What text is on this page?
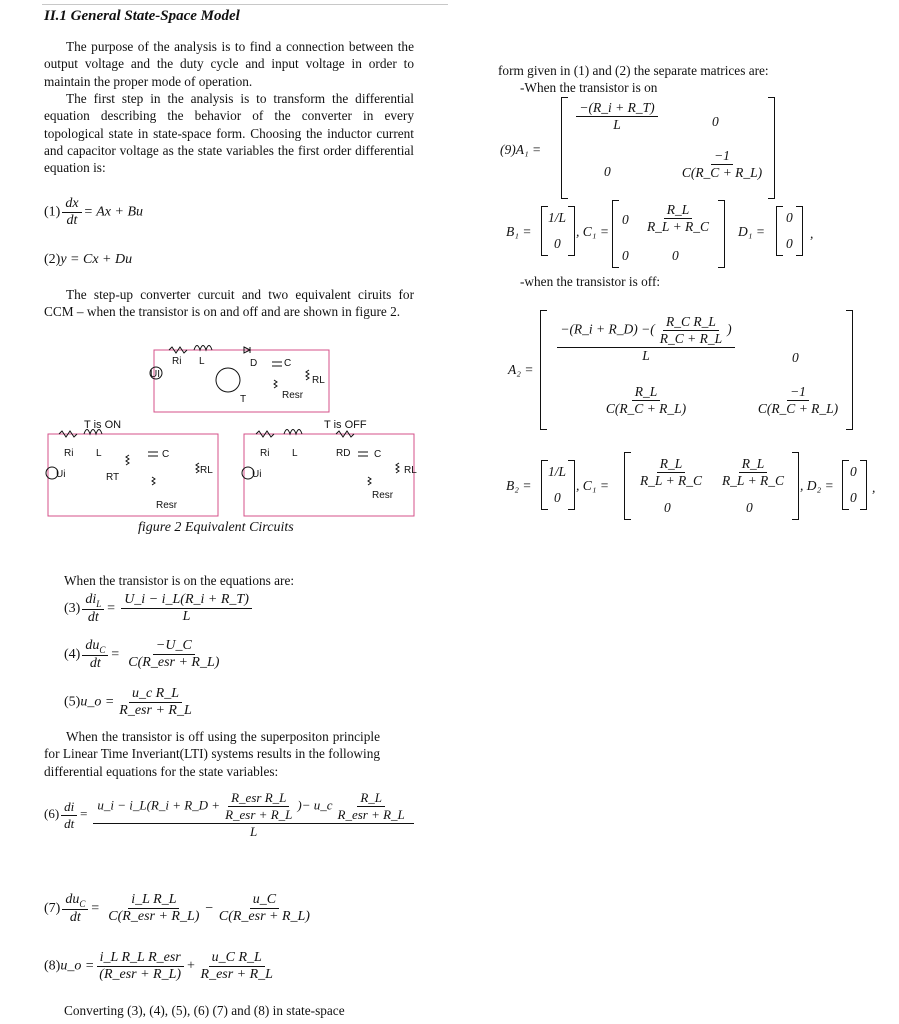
II.1 General State-Space Model
The purpose of the analysis is to find a connection between the output voltage and the duty cycle and input voltage in order to maintain the proper mode of operation.
The first step in the analysis is to transform the differential equation describing the behavior of the converter in every topological state in state-space form. Choosing the inductor current and capacitor voltage as the state variables the first order differential equation is:
$(1) \frac{dx}{dt} = Ax + Bu$
(2)y = Cx + Du
The step-up converter curcuit and two equivalent ciruits for CCM – when the transistor is on and off and are shown in figure 2.
Ri L	D	C
UI
T
RL
Resr
T is ON
Ri L
Ui	RT
C
RL
Resr
T is OFF
Ri L	RD C
Ui	RL
Resr
figure 2 Equivalent Circuits
When the transistor is on the equations are:
$(3) \frac{di_L}{dt} = \frac{U\_i - i\_L(R\_i + R\_T)}{L}$
$(4) \frac{du_C}{dt} = \frac{-U\_C}{\text{C(R\_esr + R\_L)}}$
(5)u_o = $\frac{\text{u\_c R\_L}}{\text{R\_esr + R\_L}}$
When the transistor is off using the superpositon principle for Linear Time Inveriant(LTI) systems results in the following differential equations for the state variables:
$(6) \frac{di}{dt}$ =
u_i − i_L(R_i + R_D + $\frac{\text{R\_esr R\_L}}{\text{R\_esr + R\_L}}$ )− u_c $\frac{R\_L}{\text{R\_esr + R\_L}}$
L
$(7) \frac{du_C}{dt} = \frac{\text{i\_L R\_L}}{\text{C(R\_esr + R\_L)}} - \frac{u\_C}{\text{C(R\_esr + R\_L)}}$
(8)u_o = $\frac{\text{i\_L R\_L R\_esr}}{\text{(R\_esr + R\_L)}} + \frac{\text{u\_C R\_L}}{\text{R\_esr + R\_L}}$
Converting (3), (4), (5), (6) (7) and (8) in state-space
form given in (1) and (2) the separate matrices are:
-When the transistor is on
(9)A₁ =
$\frac{-(R\_i + R\_T)}{L}$	0
0	$\frac{-1}{C(R\_C + R\_L)}$
B₁ =
1/L
0
, C₁ =
$0 \frac{R\_L}{R\_L + R\_C}$
0	0
D₁ =
0
0
,
-when the transistor is off:
A₂ =
$\frac{-(R\_i + R\_D) -( \frac{\text{R\_C R\_L}}{R\_C + R\_L} )}{L}$	0
$\frac{R\_L}{C(R\_C + R\_L)}$	$\frac{-1}{C(R\_C + R\_L)}$
B₂ =
1/L
0
, $C_1 = \frac{R\_L}{R\_L + R\_C} \frac{R\_L}{R\_L + R\_C}$
0	0
, D₂ =
0
0
,
